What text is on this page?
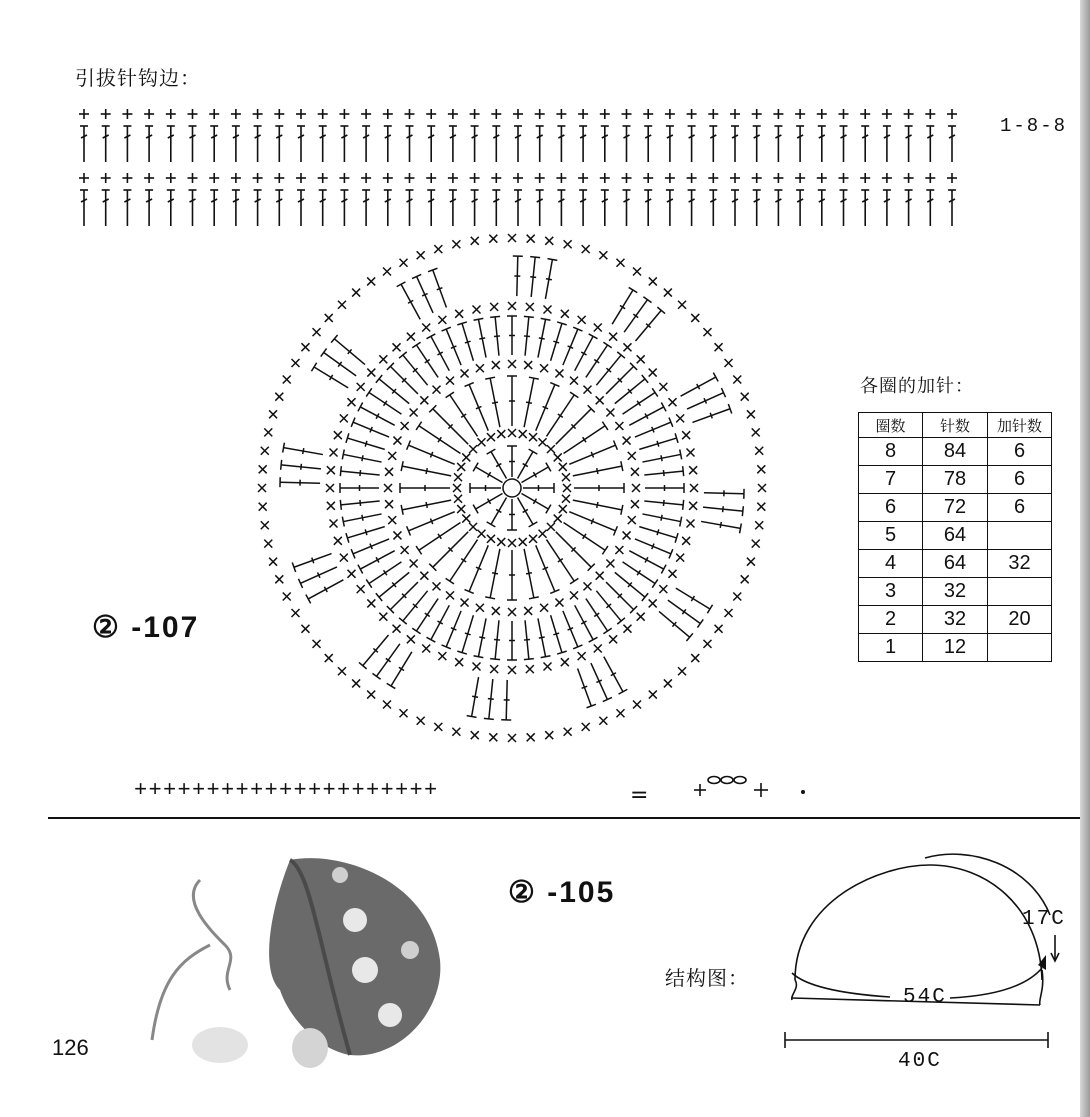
引拔针钩边：
1-8-8
② -107
各圈的加针：
圈数	针数	加针数
8	84	6
7	78	6
6	72	6
5	64	
4	64	32
3	32	
2	32	20
1	12	
+++++++++++++++++++++	=
② -105
结构图：
17C
54C
40C
126
